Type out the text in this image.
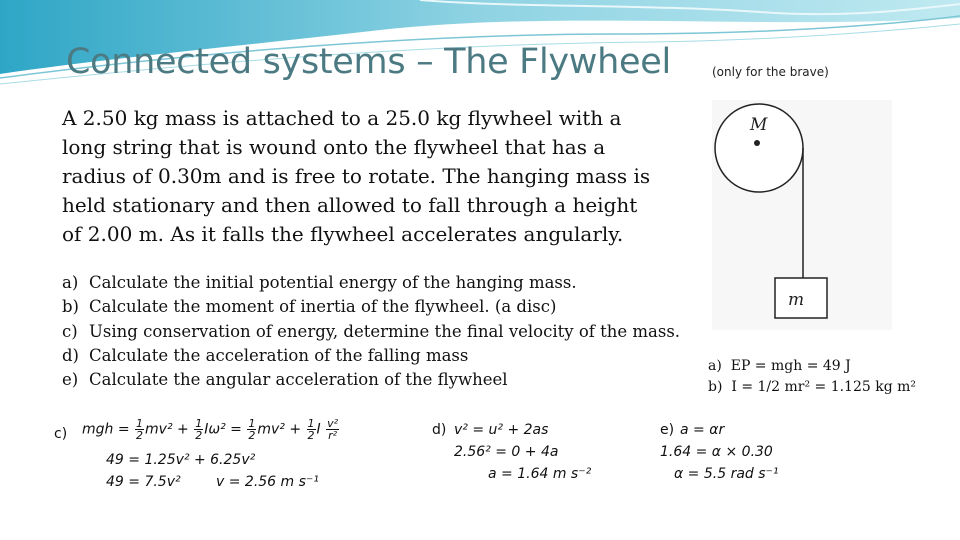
Connected systems – The Flywheel	(only for the brave)

A 2.50 kg mass is attached to a 25.0 kg flywheel with a long string that is wound onto the flywheel that has a radius of 0.30m and is free to rotate. The hanging mass is held stationary and then allowed to fall through a height of 2.00 m. As it falls the flywheel accelerates angularly.

a) Calculate the initial potential energy of the hanging mass.
b) Calculate the moment of inertia of the flywheel. (a disc)
c) Using conservation of energy, determine the final velocity of the mass.
d) Calculate the acceleration of the falling mass
e) Calculate the angular acceleration of the flywheel
M
m
a) EP = mgh = 49 J
b) I = 1/2 mr² = 1.125 kg m²
c) mgh = $\frac{1}{2} mv^2 + \frac{1}{2} I\omega^2 = \frac{1}{2} mv^2 + \frac{1}{2}$ I $\frac{\text{v²}}{\text{r²}}$
49 = 1.25v² + 6.25v²
49 = 7.5v²	v = 2.56 m s⁻¹
d) v² = u² + 2as
2.56² = 0 + 4a
a = 1.64 m s⁻²
e) a = αr
1.64 = α × 0.30
α = 5.5 rad s⁻¹
